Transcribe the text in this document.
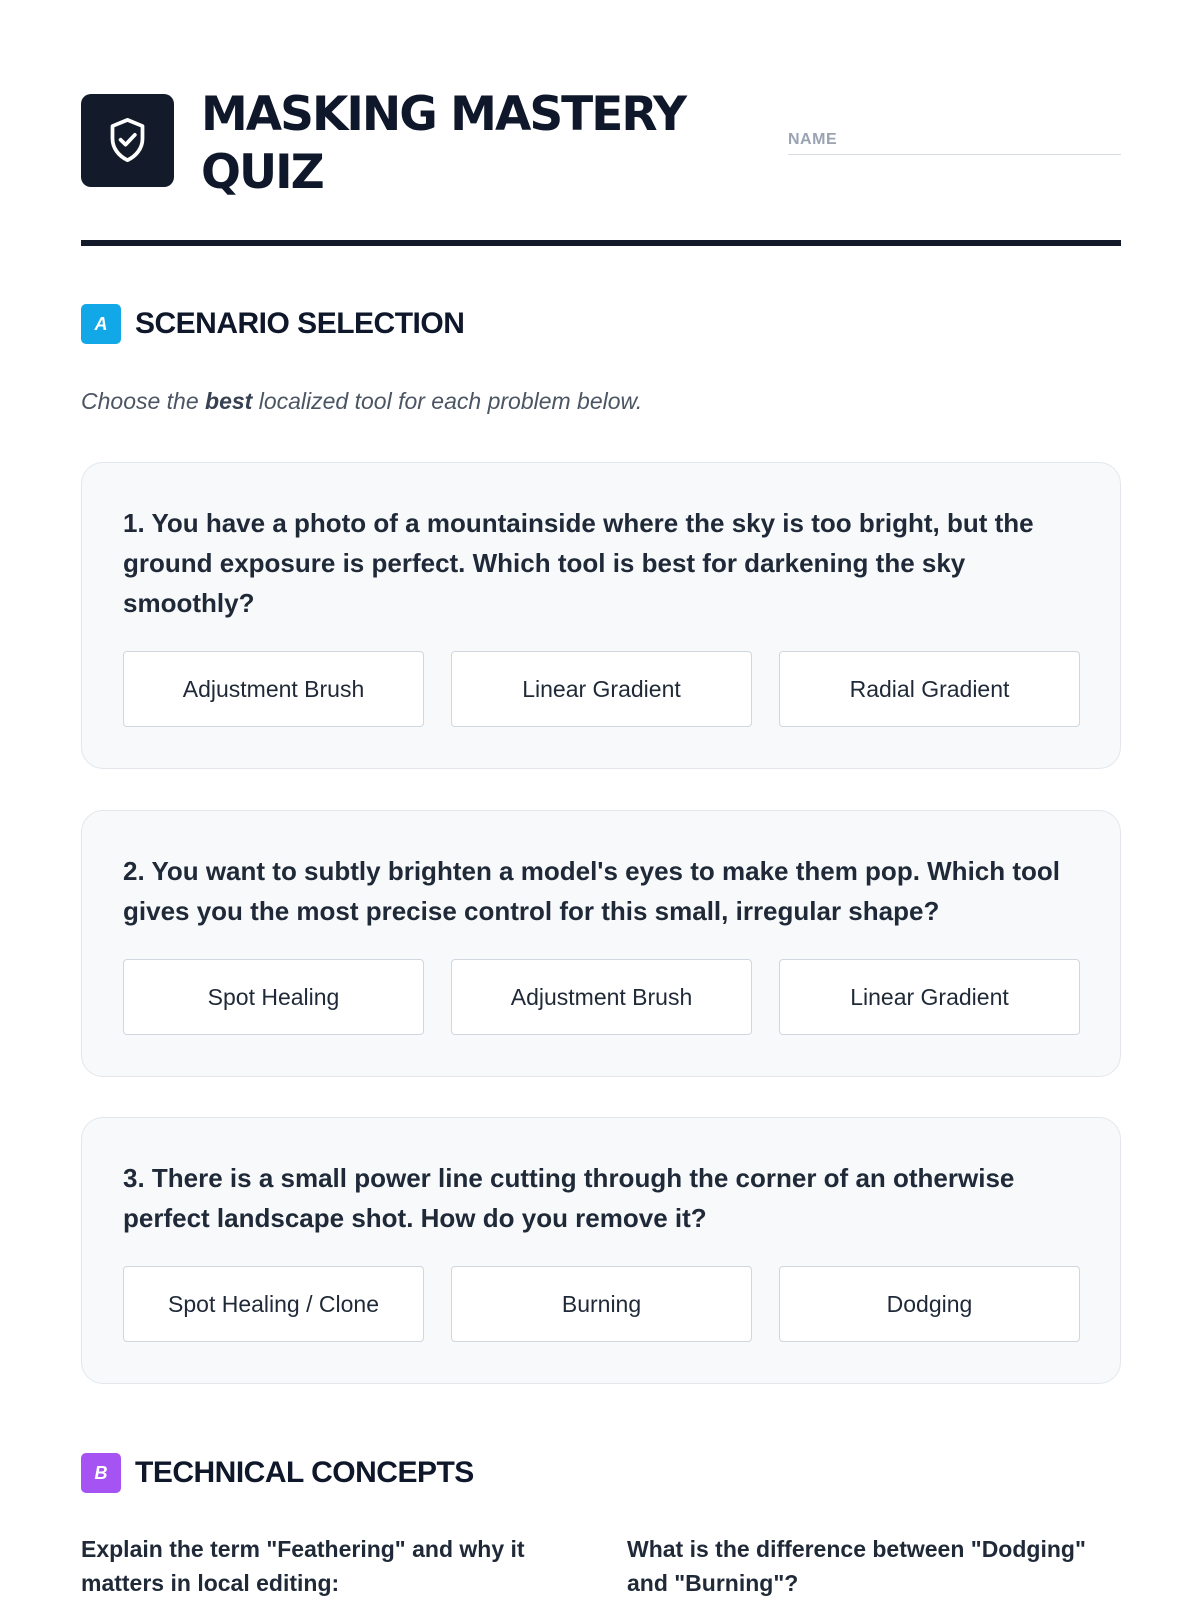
MASKING MASTERY
QUIZ
NAME
A SCENARIO SELECTION

Choose the best localized tool for each problem below.

1. You have a photo of a mountainside where the sky is too bright, but the ground exposure is perfect. Which tool is best for darkening the sky smoothly?

Adjustment Brush	Linear Gradient	Radial Gradient

2. You want to subtly brighten a model's eyes to make them pop. Which tool gives you the most precise control for this small, irregular shape?

Spot Healing	Adjustment Brush	Linear Gradient

3. There is a small power line cutting through the corner of an otherwise perfect landscape shot. How do you remove it?

Spot Healing / Clone	Burning	Dodging
B TECHNICAL CONCEPTS

Explain the term "Feathering" and why it matters in local editing:

What is the difference between "Dodging" and "Burning"?
